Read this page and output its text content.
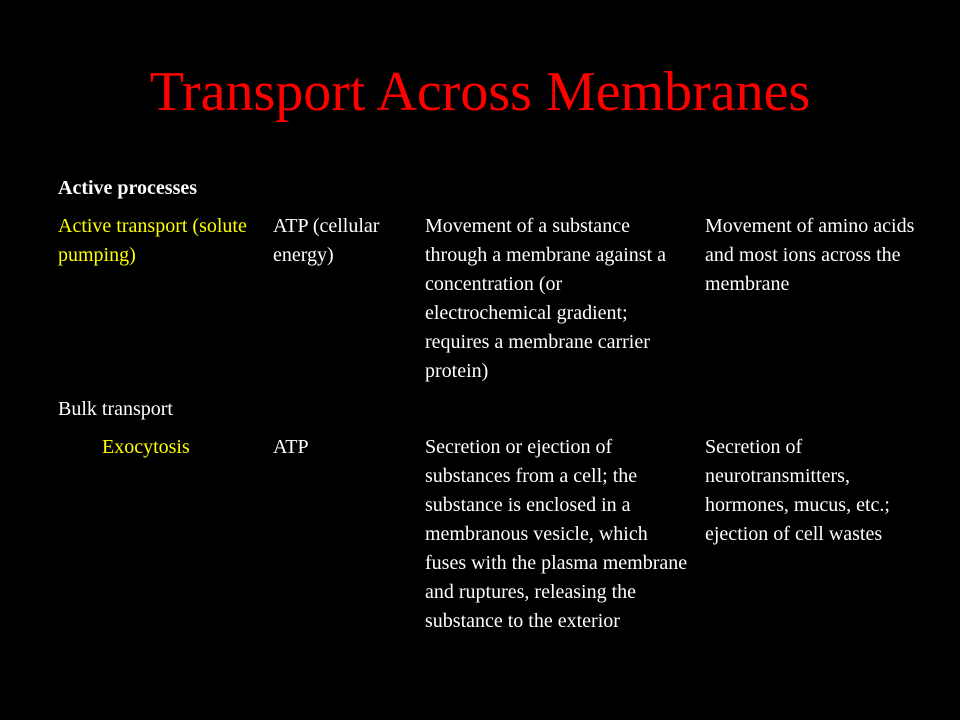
Transport Across Membranes
Active processes
Active transport (solute pumping)
ATP (cellular energy)
Movement of a substance through a membrane against a concentration (or electrochemical gradient; requires a membrane carrier protein)
Movement of amino acids and most ions across the membrane
Bulk transport
Exocytosis	ATP	Secretion or ejection of substances from a cell; the substance is enclosed in a membranous vesicle, which fuses with the plasma membrane and ruptures, releasing the substance to the exterior
Secretion of neurotransmitters, hormones, mucus, etc.; ejection of cell wastes
